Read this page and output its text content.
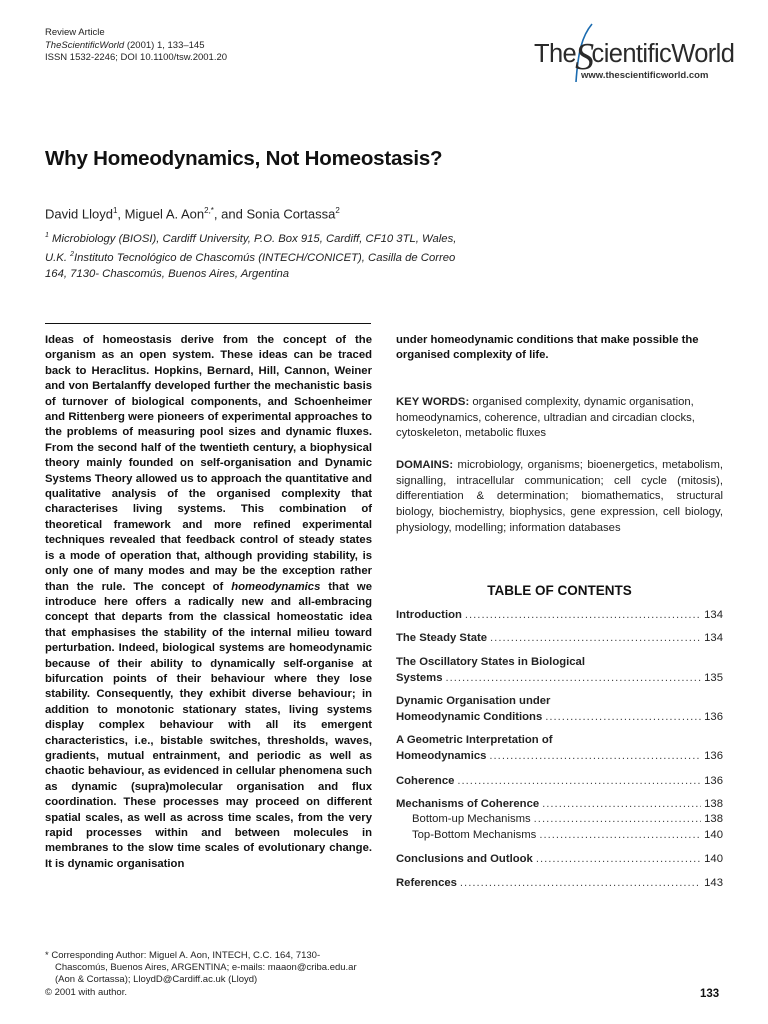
Review Article
TheScientificWorld (2001) 1, 133–145
ISSN 1532-2246; DOI 10.1100/tsw.2001.20	TheScientificWorld
www.thescientificworld.com
Why Homeodynamics, Not Homeostasis?
David Lloyd$^1$, Miguel A. Aon$^{2,*}$, and Sonia Cortassa$^2$
$^1$ Microbiology (BIOSI), Cardiff University, P.O. Box 915, Cardiff, CF10 3TL, Wales, U.K. $^2$Instituto Tecnológico de Chascomús (INTECH/CONICET), Casilla de Correo 164, 7130- Chascomús, Buenos Aires, Argentina
Ideas of homeostasis derive from the concept of the organism as an open system. These ideas can be traced back to Heraclitus. Hopkins, Bernard, Hill, Cannon, Weiner and von Bertalanffy developed further the mechanistic basis of turnover of biological components, and Schoenheimer and Rittenberg were pioneers of experimental approaches to the problems of measuring pool sizes and dynamic fluxes. From the second half of the twentieth century, a biophysical theory mainly founded on self-organisation and Dynamic Systems Theory allowed us to approach the quantitative and qualitative analysis of the organised complexity that characterises living systems. This combination of theoretical framework and more refined experimental techniques revealed that feedback control of steady states is a mode of operation that, although providing stability, is only one of many modes and may be the exception rather than the rule. The concept of homeodynamics that we introduce here offers a radically new and all-embracing concept that departs from the classical homeostatic idea that emphasises the stability of the internal milieu toward perturbation. Indeed, biological systems are homeodynamic because of their ability to dynamically self-organise at bifurcation points of their behaviour where they lose stability. Consequently, they exhibit diverse behaviour; in addition to monotonic stationary states, living systems display complex behaviour with all its emergent characteristics, i.e., bistable switches, thresholds, waves, gradients, mutual entrainment, and periodic as well as chaotic behaviour, as evidenced in cellular phenomena such as dynamic (supra)molecular organisation and flux coordination. These processes may proceed on different spatial scales, as well as across time scales, from the very rapid processes within and between molecules in membranes to the slow time scales of evolutionary change. It is dynamic organisation
under homeodynamic conditions that make possible the organised complexity of life.
KEY WORDS: organised complexity, dynamic organisation, homeodynamics, coherence, ultradian and circadian clocks, cytoskeleton, metabolic fluxes
DOMAINS: microbiology, organisms; bioenergetics, metabolism, signalling, intracellular communication; cell cycle (mitosis), differentiation & determination; biomathematics, structural biology, biochemistry, biophysics, gene expression, cell biology, physiology, modelling; information databases
TABLE OF CONTENTS
Introduction .....	134
The Steady State .....	134
The Oscillatory States in Biological
Systems .....	135
Dynamic Organisation under
Homeodynamic Conditions .....	136
A Geometric Interpretation of
Homeodynamics .....	136
Coherence .....	136
Mechanisms of Coherence .....	138
Bottom-up Mechanisms .....	138
Top-Bottom Mechanisms .....	140
Conclusions and Outlook .....	140
References .....	143
* Corresponding Author: Miguel A. Aon, INTECH, C.C. 164, 7130-
Chascomús, Buenos Aires, ARGENTINA; e-mails: maaon@criba.edu.ar
(Aon & Cortassa); LloydD@Cardiff.ac.uk (Lloyd)
© 2001 with author.	133
